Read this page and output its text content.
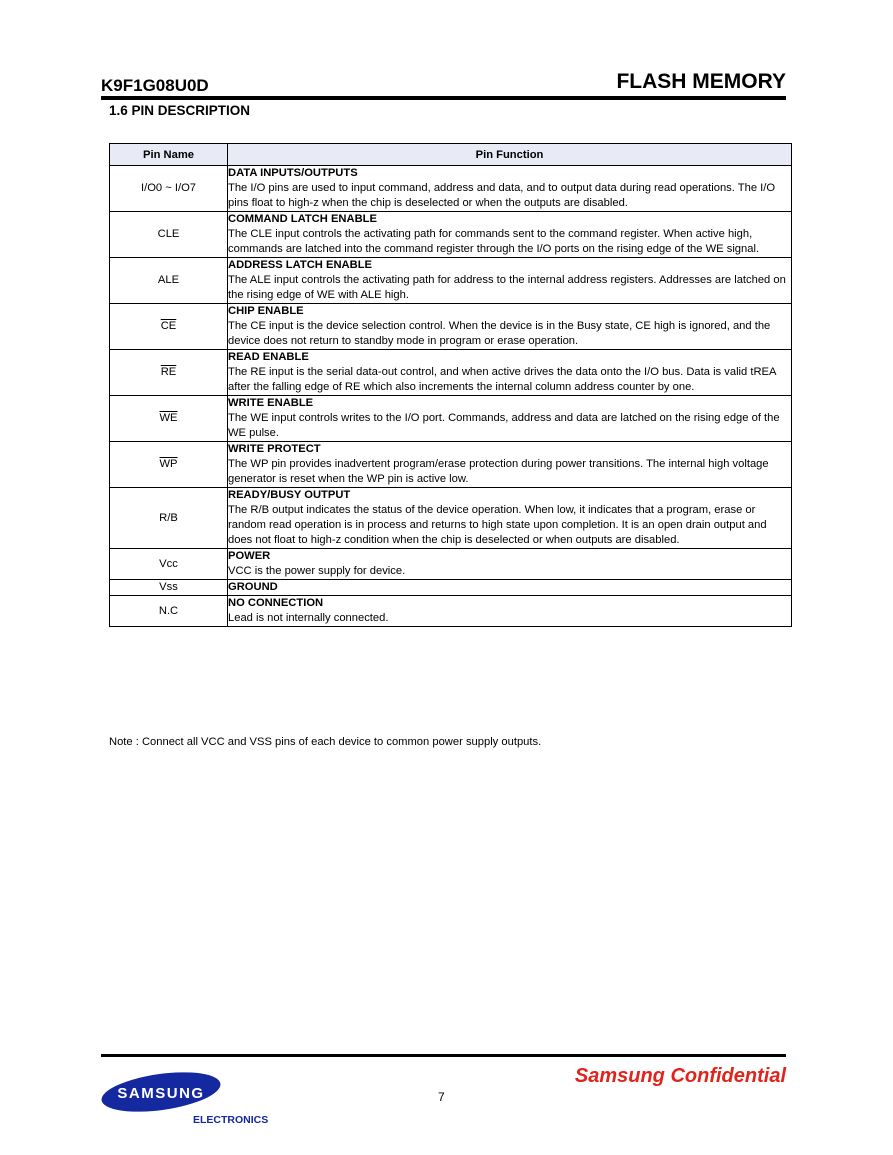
K9F1G08U0D	FLASH MEMORY
1.6 PIN DESCRIPTION
Pin Name	Pin Function
I/O0 ~ I/O7	DATA INPUTS/OUTPUTS
The I/O pins are used to input command, address and data, and to output data during read operations. The I/O pins float to high-z when the chip is deselected or when the outputs are disabled.

CLE	COMMAND LATCH ENABLE
The CLE input controls the activating path for commands sent to the command register. When active high, commands are latched into the command register through the I/O ports on the rising edge of the WE signal.

ALE	ADDRESS LATCH ENABLE
The ALE input controls the activating path for address to the internal address registers. Addresses are latched on the rising edge of WE with ALE high.

$\overline{CE}$	CHIP ENABLE
The CE input is the device selection control. When the device is in the Busy state, CE high is ignored, and the device does not return to standby mode in program or erase operation.

$\overline{RE}$	READ ENABLE
The RE input is the serial data-out control, and when active drives the data onto the I/O bus. Data is valid tREA after the falling edge of RE which also increments the internal column address counter by one.

$\overline{WE}$	WRITE ENABLE
The WE input controls writes to the I/O port. Commands, address and data are latched on the rising edge of the WE pulse.

$\overline{WP}$	WRITE PROTECT
The WP pin provides inadvertent program/erase protection during power transitions. The internal high voltage generator is reset when the WP pin is active low.

R/B	READY/BUSY OUTPUT
The R/B output indicates the status of the device operation. When low, it indicates that a program, erase or random read operation is in process and returns to high state upon completion. It is an open drain output and does not float to high-z condition when the chip is deselected or when outputs are disabled.

Vcc	POWER
VCC is the power supply for device.

Vss	GROUND

N.C	NO CONNECTION
Lead is not internally connected.
Note : Connect all VCC and VSS pins of each device to common power supply outputs.
Samsung Confidential
7
SAMSUNG
ELECTRONICS
